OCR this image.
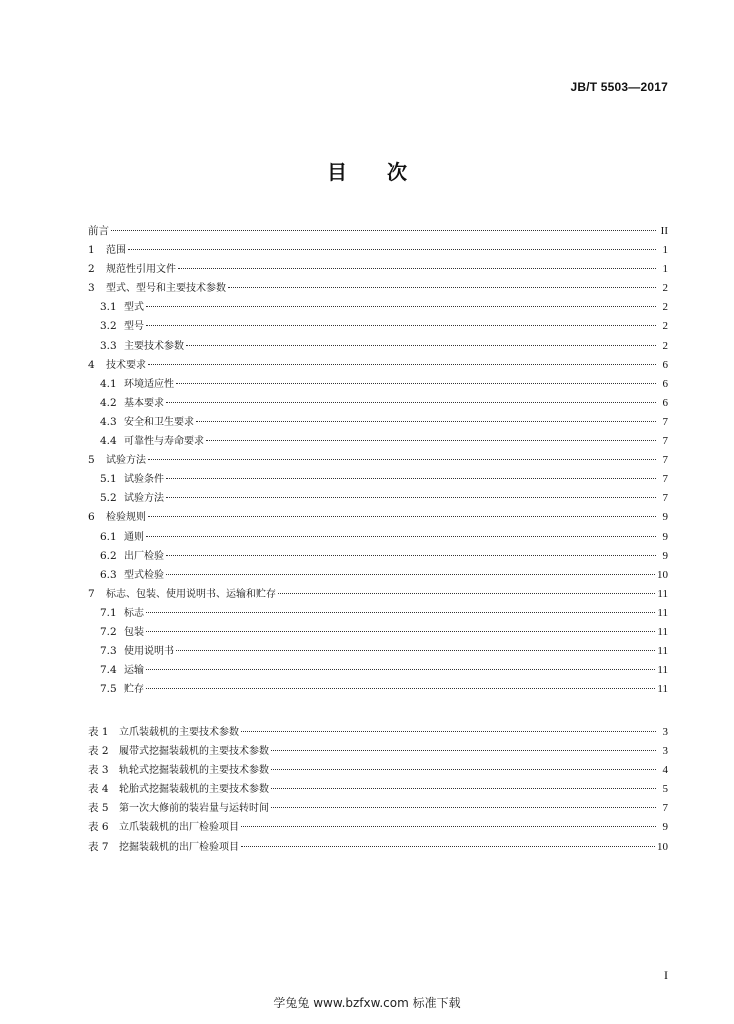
JB/T 5503—2017
目 次
前言	II
1	范围	1
2	规范性引用文件	1
3	型式、型号和主要技术参数	2
3.1 型式	2
3.2 型号	2
3.3 主要技术参数	2
4	技术要求	6
4.1 环境适应性	6
4.2 基本要求	6
4.3 安全和卫生要求	7
4.4 可靠性与寿命要求	7
5	试验方法	7
5.1 试验条件	7
5.2 试验方法	7
6	检验规则	9
6.1 通则	9
6.2 出厂检验	9
6.3 型式检验	10
7	标志、包装、使用说明书、运输和贮存	11
7.1 标志	11
7.2 包装	11
7.3 使用说明书	11
7.4 运输	11
7.5 贮存	11
表 1	立爪装载机的主要技术参数	3
表 2	履带式挖掘装载机的主要技术参数	3
表 3	轨轮式挖掘装载机的主要技术参数	4
表 4	轮胎式挖掘装载机的主要技术参数	5
表 5	第一次大修前的装岩量与运转时间	7
表 6	立爪装载机的出厂检验项目	9
表 7	挖掘装载机的出厂检验项目	10
I
学兔兔 www.bzfxw.com 标准下载
